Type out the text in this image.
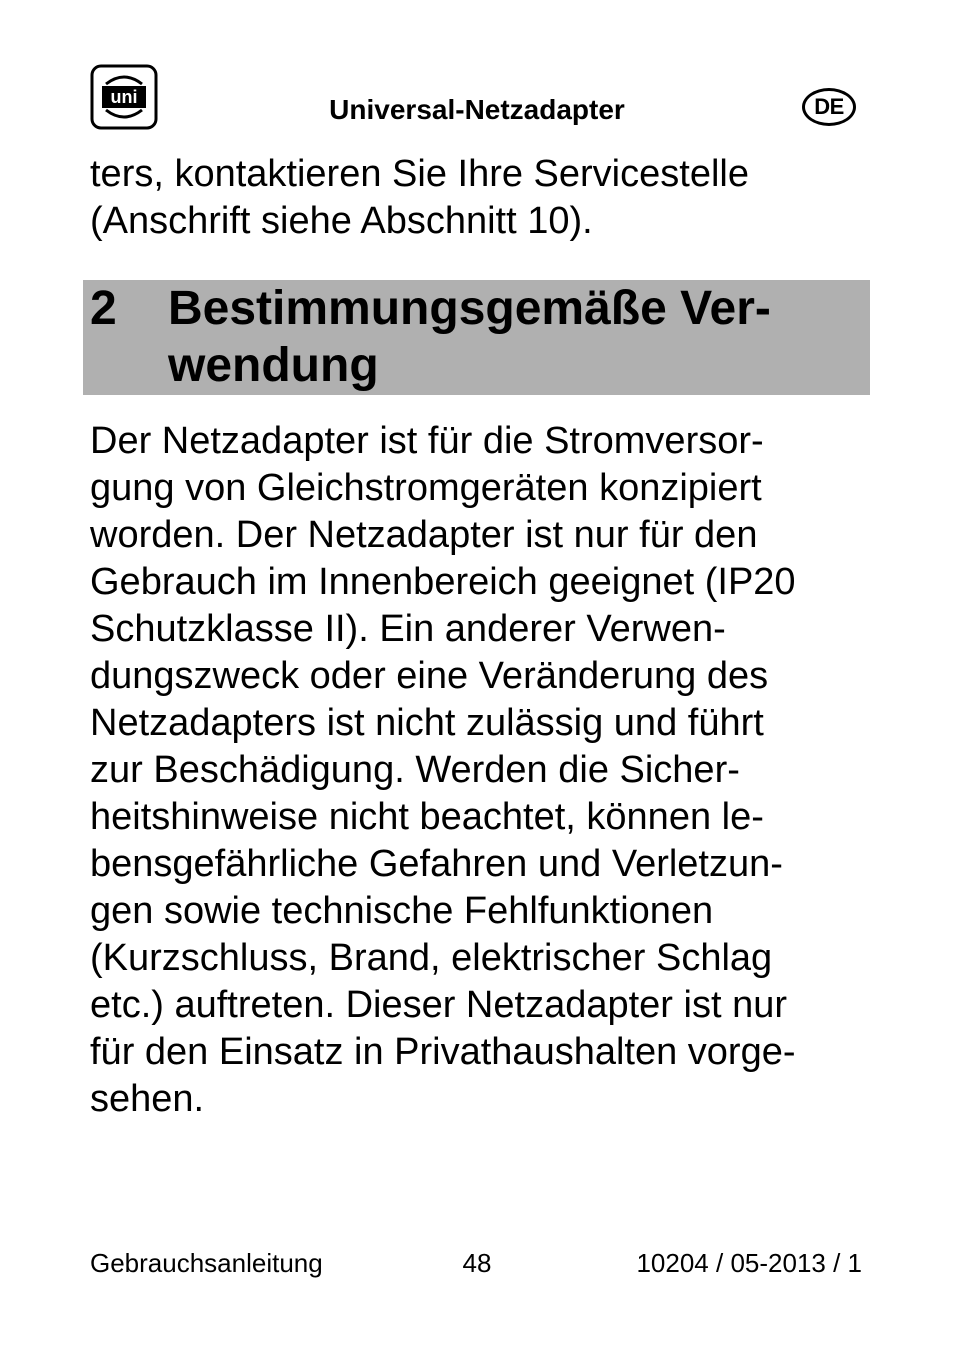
uni	Universal-Netzadapter	DE
ters, kontaktieren Sie Ihre Servicestelle
(Anschrift siehe Abschnitt 10).
2 Bestimmungsgemäße Ver-
wendung
Der Netzadapter ist für die Stromversor-
gung von Gleichstromgeräten konzipiert
worden. Der Netzadapter ist nur für den
Gebrauch im Innenbereich geeignet (IP20
Schutzklasse II). Ein anderer Verwen-
dungszweck oder eine Veränderung des
Netzadapters ist nicht zulässig und führt
zur Beschädigung. Werden die Sicher-
heitshinweise nicht beachtet, können le-
bensgefährliche Gefahren und Verletzun-
gen sowie technische Fehlfunktionen
(Kurzschluss, Brand, elektrischer Schlag
etc.) auftreten. Dieser Netzadapter ist nur
für den Einsatz in Privathaushalten vorge-
sehen.
Gebrauchsanleitung	48	10204 / 05-2013 / 1
